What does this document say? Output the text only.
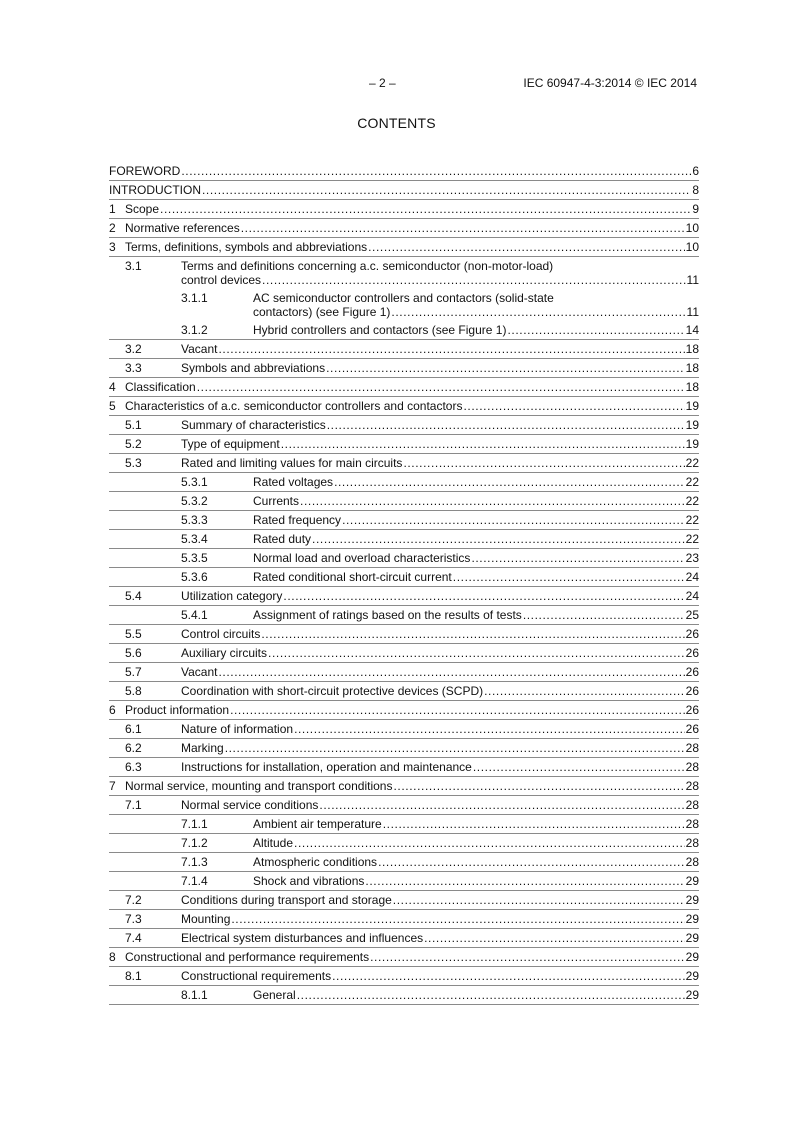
– 2 –	IEC 60947-4-3:2014 © IEC 2014
CONTENTS
FOREWORD .....	6
INTRODUCTION .....	8
1 Scope .....	9
2 Normative references .....	10
3 Terms, definitions, symbols and abbreviations .....	10
3.1	Terms and definitions concerning a.c. semiconductor (non-motor-load)
control devices .....	11
3.1.1	AC semiconductor controllers and contactors (solid-state
contactors) (see Figure 1) .....	11
3.1.2	Hybrid controllers and contactors (see Figure 1) .....	14
3.2	Vacant .....	18
3.3	Symbols and abbreviations .....	18
4 Classification .....	18
5 Characteristics of a.c. semiconductor controllers and contactors .....	19
5.1	Summary of characteristics .....	19
5.2	Type of equipment .....	19
5.3	Rated and limiting values for main circuits .....	22
5.3.1	Rated voltages .....	22
5.3.2	Currents .....	22
5.3.3	Rated frequency .....	22
5.3.4	Rated duty .....	22
5.3.5	Normal load and overload characteristics .....	23
5.3.6	Rated conditional short-circuit current .....	24
5.4	Utilization category .....	24
5.4.1	Assignment of ratings based on the results of tests .....	25
5.5	Control circuits .....	26
5.6	Auxiliary circuits .....	26
5.7	Vacant .....	26
5.8	Coordination with short-circuit protective devices (SCPD) .....	26
6 Product information .....	26
6.1	Nature of information .....	26
6.2	Marking .....	28
6.3	Instructions for installation, operation and maintenance .....	28
7 Normal service, mounting and transport conditions .....	28
7.1	Normal service conditions .....	28
7.1.1	Ambient air temperature .....	28
7.1.2	Altitude .....	28
7.1.3	Atmospheric conditions .....	28
7.1.4	Shock and vibrations .....	29
7.2	Conditions during transport and storage .....	29
7.3	Mounting .....	29
7.4	Electrical system disturbances and influences .....	29
8 Constructional and performance requirements .....	29
8.1	Constructional requirements .....	29
8.1.1	General .....	29
